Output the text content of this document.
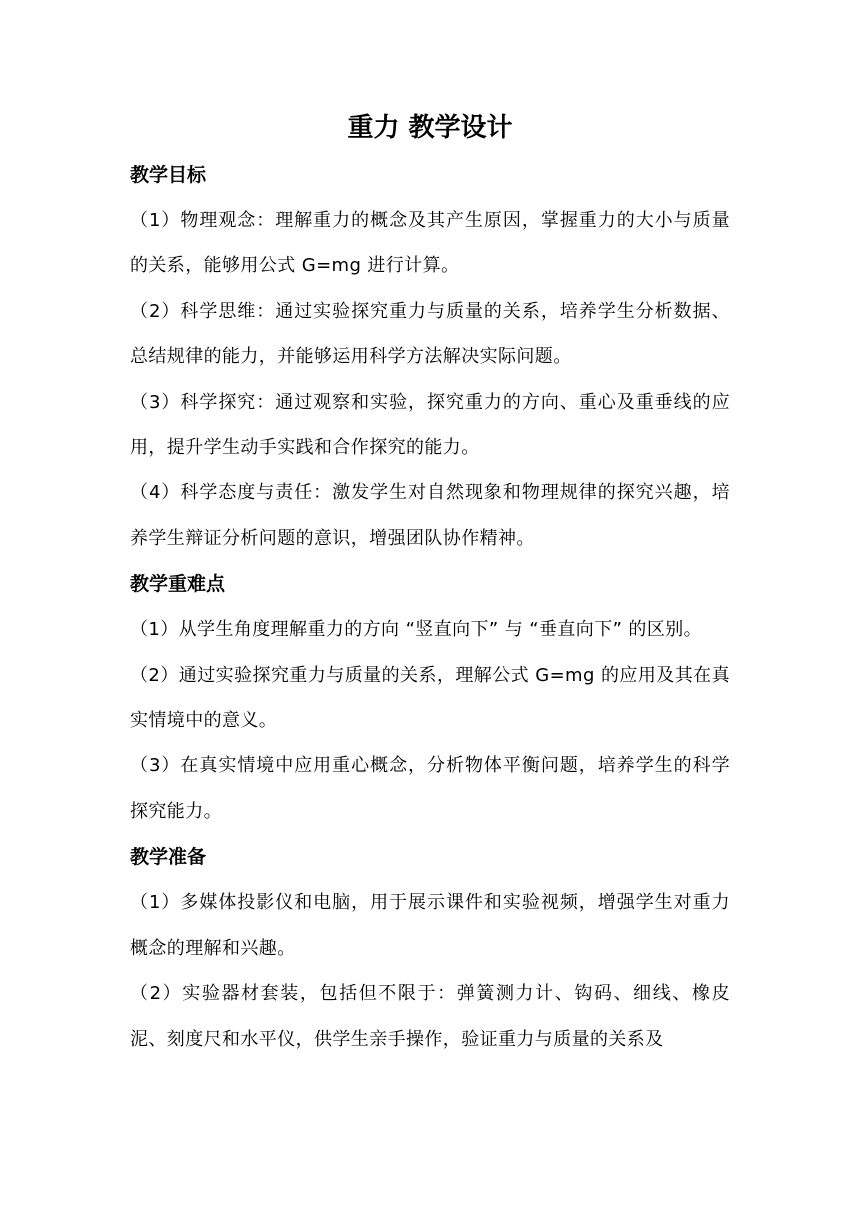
重力 教学设计
教学目标

（1）物理观念：理解重力的概念及其产生原因，掌握重力的大小与质量的关系，能够用公式 G=mg 进行计算。

（2）科学思维：通过实验探究重力与质量的关系，培养学生分析数据、总结规律的能力，并能够运用科学方法解决实际问题。

（3）科学探究：通过观察和实验，探究重力的方向、重心及重垂线的应用，提升学生动手实践和合作探究的能力。

（4）科学态度与责任：激发学生对自然现象和物理规律的探究兴趣，培养学生辩证分析问题的意识，增强团队协作精神。

教学重难点

（1）从学生角度理解重力的方向 “竖直向下” 与 “垂直向下” 的区别。

（2）通过实验探究重力与质量的关系，理解公式 G=mg 的应用及其在真实情境中的意义。

（3）在真实情境中应用重心概念，分析物体平衡问题，培养学生的科学探究能力。

教学准备

（1）多媒体投影仪和电脑，用于展示课件和实验视频，增强学生对重力概念的理解和兴趣。

（2）实验器材套装，包括但不限于：弹簧测力计、钩码、细线、橡皮泥、刻度尺和水平仪，供学生亲手操作，验证重力与质量的关系及
